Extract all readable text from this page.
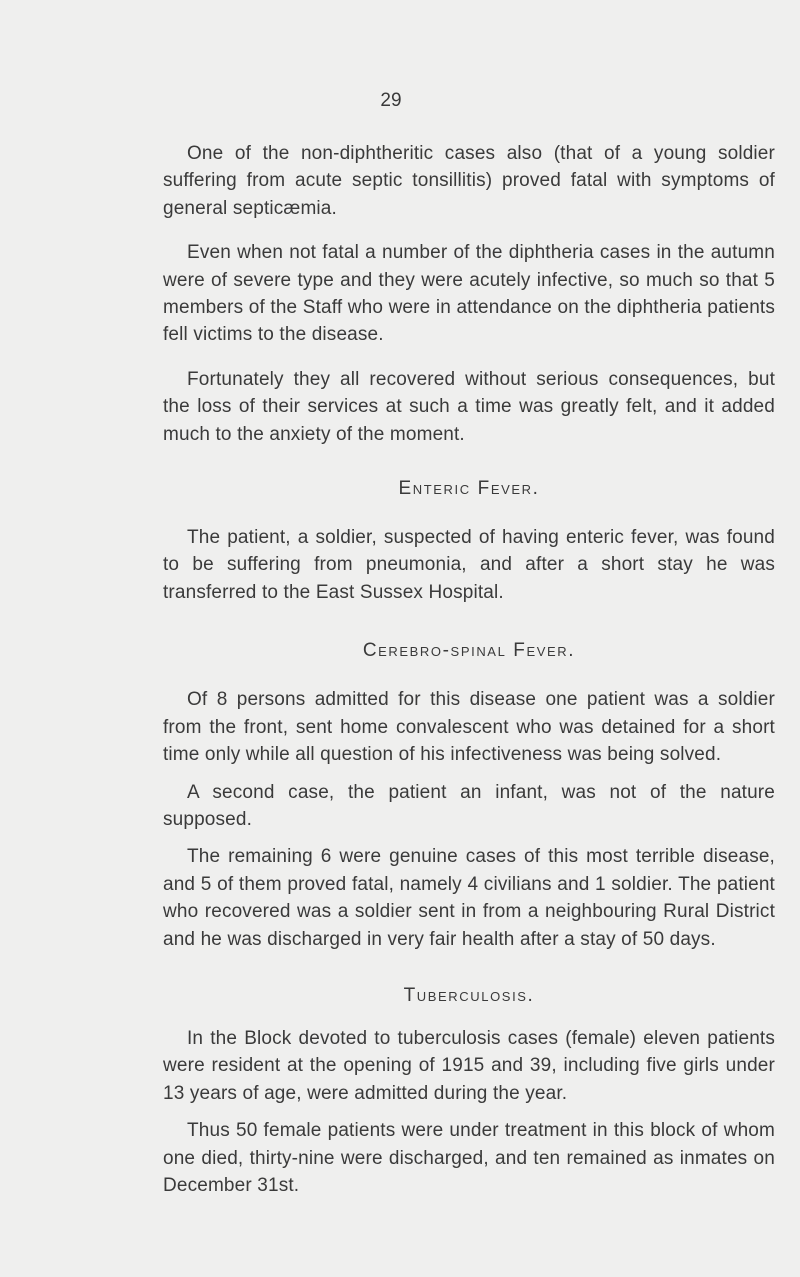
29

One of the non-diphtheritic cases also (that of a young soldier suffering from acute septic tonsillitis) proved fatal with symptoms of general septicæmia.

Even when not fatal a number of the diphtheria cases in the autumn were of severe type and they were acutely infective, so much so that 5 members of the Staff who were in attendance on the diphtheria patients fell victims to the disease.

Fortunately they all recovered without serious consequences, but the loss of their services at such a time was greatly felt, and it added much to the anxiety of the moment.

Enteric Fever.

The patient, a soldier, suspected of having enteric fever, was found to be suffering from pneumonia, and after a short stay he was transferred to the East Sussex Hospital.

Cerebro-spinal Fever.

Of 8 persons admitted for this disease one patient was a soldier from the front, sent home convalescent who was detained for a short time only while all question of his infectiveness was being solved.

A second case, the patient an infant, was not of the nature supposed.

The remaining 6 were genuine cases of this most terrible disease, and 5 of them proved fatal, namely 4 civilians and 1 soldier. The patient who recovered was a soldier sent in from a neighbouring Rural District and he was discharged in very fair health after a stay of 50 days.

Tuberculosis.

In the Block devoted to tuberculosis cases (female) eleven patients were resident at the opening of 1915 and 39, including five girls under 13 years of age, were admitted during the year.

Thus 50 female patients were under treatment in this block of whom one died, thirty-nine were discharged, and ten remained as inmates on December 31st.
